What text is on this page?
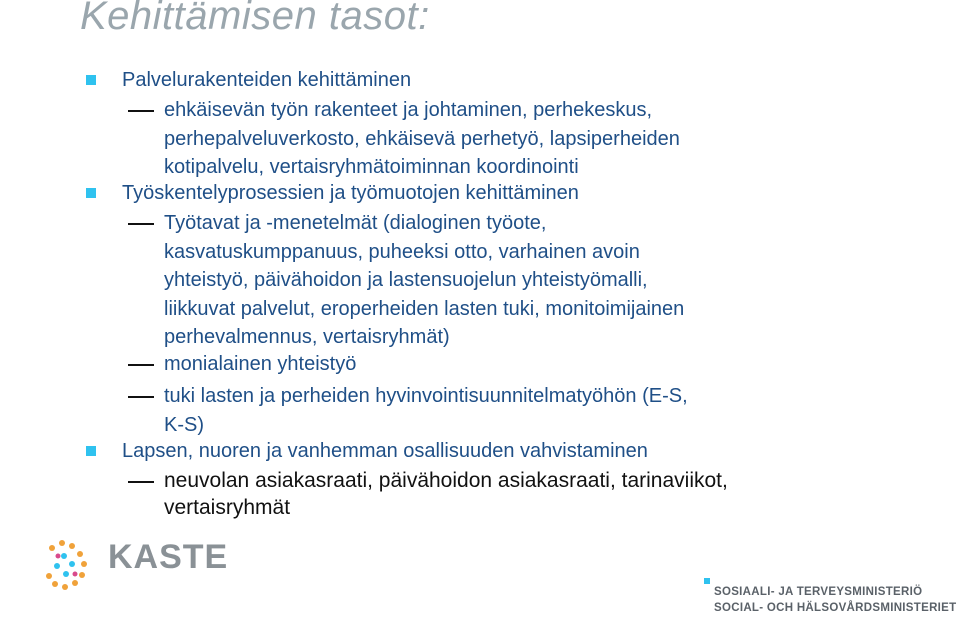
Kehittämisen tasot:
Palvelurakenteiden kehittäminen
ehkäisevän työn rakenteet ja johtaminen, perhekeskus,
perhepalveluverkosto, ehkäisevä perhetyö, lapsiperheiden
kotipalvelu, vertaisryhmätoiminnan koordinointi
Työskentelyprosessien ja työmuotojen kehittäminen
Työtavat ja -menetelmät (dialoginen työote,
kasvatuskumppanuus, puheeksi otto, varhainen avoin
yhteistyö, päivähoidon ja lastensuojelun yhteistyömalli,
liikkuvat palvelut, eroperheiden lasten tuki, monitoimijainen
perhevalmennus, vertaisryhmät)
monialainen yhteistyö
tuki lasten ja perheiden hyvinvointisuunnitelmatyöhön (E-S,
K-S)
Lapsen, nuoren ja vanhemman osallisuuden vahvistaminen
neuvolan asiakasraati, päivähoidon asiakasraati, tarinaviikot,
vertaisryhmät
KASTE
SOSIAALI- JA TERVEYSMINISTERIÖ
SOCIAL- OCH HÄLSOVÅRDSMINISTERIET
